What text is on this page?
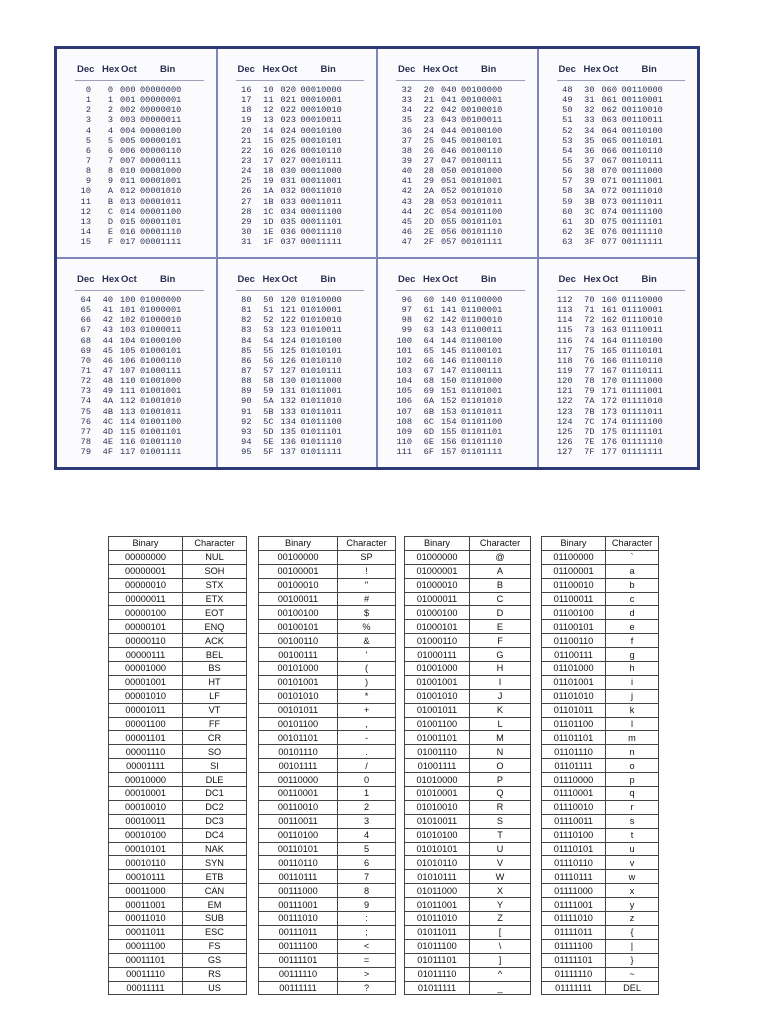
Dec Hex Oct Bin
0	0 000 00000000
1	1 001 00000001
2	2 002 00000010
3	3 003 00000011
4	4 004 00000100
5	5 005 00000101
6	6 006 00000110
7	7 007 00000111
8	8 010 00001000
9	9 011 00001001
10	A 012 00001010
11	B 013 00001011
12	C 014 00001100
13	D 015 00001101
14	E 016 00001110
15	F 017 00001111
Dec Hex Oct Bin
16	10 020 00010000
17	11 021 00010001
18	12 022 00010010
19	13 023 00010011
20	14 024 00010100
21	15 025 00010101
22	16 026 00010110
23	17 027 00010111
24	18 030 00011000
25	19 031 00011001
26	1A 032 00011010
27	1B 033 00011011
28	1C 034 00011100
29	1D 035 00011101
30	1E 036 00011110
31	1F 037 00011111
Dec Hex Oct Bin
32	20 040 00100000
33	21 041 00100001
34	22 042 00100010
35	23 043 00100011
36	24 044 00100100
37	25 045 00100101
38	26 046 00100110
39	27 047 00100111
40	28 050 00101000
41	29 051 00101001
42	2A 052 00101010
43	2B 053 00101011
44	2C 054 00101100
45	2D 055 00101101
46	2E 056 00101110
47	2F 057 00101111
Dec Hex Oct Bin
48	30 060 00110000
49	31 061 00110001
50	32 062 00110010
51	33 063 00110011
52	34 064 00110100
53	35 065 00110101
54	36 066 00110110
55	37 067 00110111
56	38 070 00111000
57	39 071 00111001
58	3A 072 00111010
59	3B 073 00111011
60	3C 074 00111100
61	3D 075 00111101
62	3E 076 00111110
63	3F 077 00111111
Dec Hex Oct Bin
64	40 100 01000000
65	41 101 01000001
66	42 102 01000010
67	43 103 01000011
68	44 104 01000100
69	45 105 01000101
70	46 106 01000110
71	47 107 01000111
72	48 110 01001000
73	49 111 01001001
74	4A 112 01001010
75	4B 113 01001011
76	4C 114 01001100
77	4D 115 01001101
78	4E 116 01001110
79	4F 117 01001111
Dec Hex Oct Bin
80	50 120 01010000
81	51 121 01010001
82	52 122 01010010
83	53 123 01010011
84	54 124 01010100
85	55 125 01010101
86	56 126 01010110
87	57 127 01010111
88	58 130 01011000
89	59 131 01011001
90	5A 132 01011010
91	5B 133 01011011
92	5C 134 01011100
93	5D 135 01011101
94	5E 136 01011110
95	5F 137 01011111
Dec Hex Oct Bin
96	60 140 01100000
97	61 141 01100001
98	62 142 01100010
99	63 143 01100011
100	64 144 01100100
101	65 145 01100101
102	66 146 01100110
103	67 147 01100111
104	68 150 01101000
105	69 151 01101001
106	6A 152 01101010
107	6B 153 01101011
108	6C 154 01101100
109	6D 155 01101101
110	6E 156 01101110
111	6F 157 01101111
Dec Hex Oct Bin
112	70 160 01110000
113	71 161 01110001
114	72 162 01110010
115	73 163 01110011
116	74 164 01110100
117	75 165 01110101
118	76 166 01110110
119	77 167 01110111
120	78 170 01111000
121	79 171 01111001
122	7A 172 01111010
123	7B 173 01111011
124	7C 174 01111100
125	7D 175 01111101
126	7E 176 01111110
127	7F 177 01111111
Binary	Character
00000000	NUL
00000001	SOH
00000010	STX
00000011	ETX
00000100	EOT
00000101	ENQ
00000110	ACK
00000111	BEL
00001000	BS
00001001	HT
00001010	LF
00001011	VT
00001100	FF
00001101	CR
00001110	SO
00001111	SI
00010000	DLE
00010001	DC1
00010010	DC2
00010011	DC3
00010100	DC4
00010101	NAK
00010110	SYN
00010111	ETB
00011000	CAN
00011001	EM
00011010	SUB
00011011	ESC
00011100	FS
00011101	GS
00011110	RS
00011111	US
Binary	Character
00100000	SP
00100001	!
00100010	"
00100011	#
00100100	$
00100101	%
00100110	&
00100111	'
00101000	(
00101001	)
00101010	*
00101011	+
00101100	,
00101101	-
00101110	.
00101111	/
00110000	0
00110001	1
00110010	2
00110011	3
00110100	4
00110101	5
00110110	6
00110111	7
00111000	8
00111001	9
00111010	:
00111011	;
00111100	<
00111101	=
00111110	>
00111111	?
Binary	Character
01000000	@
01000001	A
01000010	B
01000011	C
01000100	D
01000101	E
01000110	F
01000111	G
01001000	H
01001001	I
01001010	J
01001011	K
01001100	L
01001101	M
01001110	N
01001111	O
01010000	P
01010001	Q
01010010	R
01010011	S
01010100	T
01010101	U
01010110	V
01010111	W
01011000	X
01011001	Y
01011010	Z
01011011	[
01011100	\
01011101	]
01011110	^
01011111	_
Binary	Character
01100000	`
01100001	a
01100010	b
01100011	c
01100100	d
01100101	e
01100110	f
01100111	g
01101000	h
01101001	i
01101010	j
01101011	k
01101100	l
01101101	m
01101110	n
01101111	o
01110000	p
01110001	q
01110010	r
01110011	s
01110100	t
01110101	u
01110110	v
01110111	w
01111000	x
01111001	y
01111010	z
01111011	{
01111100	|
01111101	}
01111110	~
01111111	DEL
